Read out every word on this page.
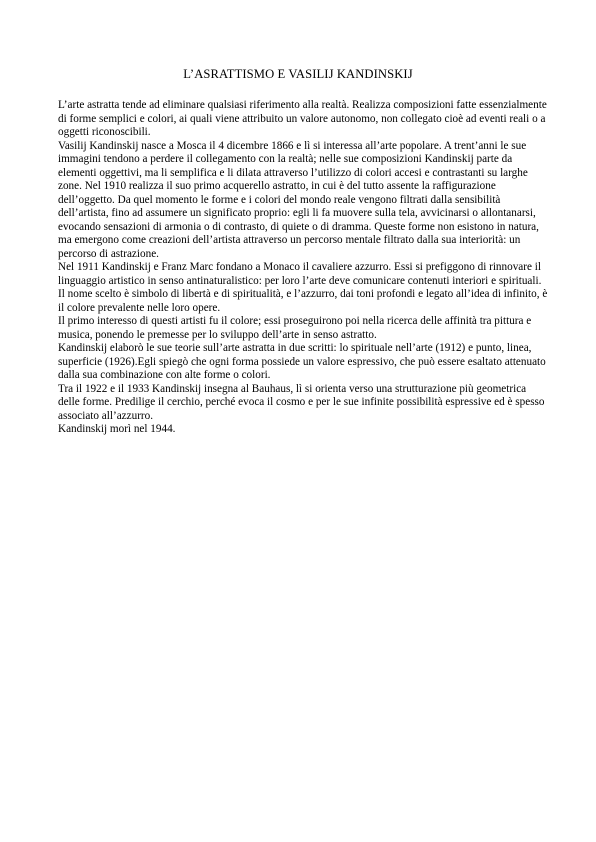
L’ASRATTISMO E VASILIJ KANDINSKIJ

L’arte astratta tende ad eliminare qualsiasi riferimento alla realtà. Realizza composizioni fatte essenzialmente di forme semplici e colori, ai quali viene attribuito un valore autonomo, non collegato cioè ad eventi reali o a oggetti riconoscibili.

Vasilij Kandinskij nasce a Mosca il 4 dicembre 1866 e lì si interessa all’arte popolare. A trent’anni le sue immagini tendono a perdere il collegamento con la realtà; nelle sue composizioni Kandinskij parte da elementi oggettivi, ma li semplifica e li dilata attraverso l’utilizzo di colori accesi e contrastanti su larghe zone. Nel 1910 realizza il suo primo acquerello astratto, in cui è del tutto assente la raffigurazione dell’oggetto. Da quel momento le forme e i colori del mondo reale vengono filtrati dalla sensibilità dell’artista, fino ad assumere un significato proprio: egli li fa muovere sulla tela, avvicinarsi o allontanarsi, evocando sensazioni di armonia o di contrasto, di quiete o di dramma. Queste forme non esistono in natura, ma emergono come creazioni dell’artista attraverso un percorso mentale filtrato dalla sua interiorità: un percorso di astrazione.

Nel 1911 Kandinskij e Franz Marc fondano a Monaco il cavaliere azzurro. Essi si prefiggono di rinnovare il linguaggio artistico in senso antinaturalistico: per loro l’arte deve comunicare contenuti interiori e spirituali. Il nome scelto è simbolo di libertà e di spiritualità, e l’azzurro, dai toni profondi e legato all’idea di infinito, è il colore prevalente nelle loro opere.

Il primo interesso di questi artisti fu il colore; essi proseguirono poi nella ricerca delle affinità tra pittura e musica, ponendo le premesse per lo sviluppo dell’arte in senso astratto.

Kandinskij elaborò le sue teorie sull’arte astratta in due scritti: lo spirituale nell’arte (1912) e punto, linea, superficie (1926).Egli spiegò che ogni forma possiede un valore espressivo, che può essere esaltato attenuato dalla sua combinazione con alte forme o colori.

Tra il 1922 e il 1933 Kandinskij insegna al Bauhaus, lì si orienta verso una strutturazione più geometrica delle forme. Predilige il cerchio, perché evoca il cosmo e per le sue infinite possibilità espressive ed è spesso associato all’azzurro.

Kandinskij morì nel 1944.
